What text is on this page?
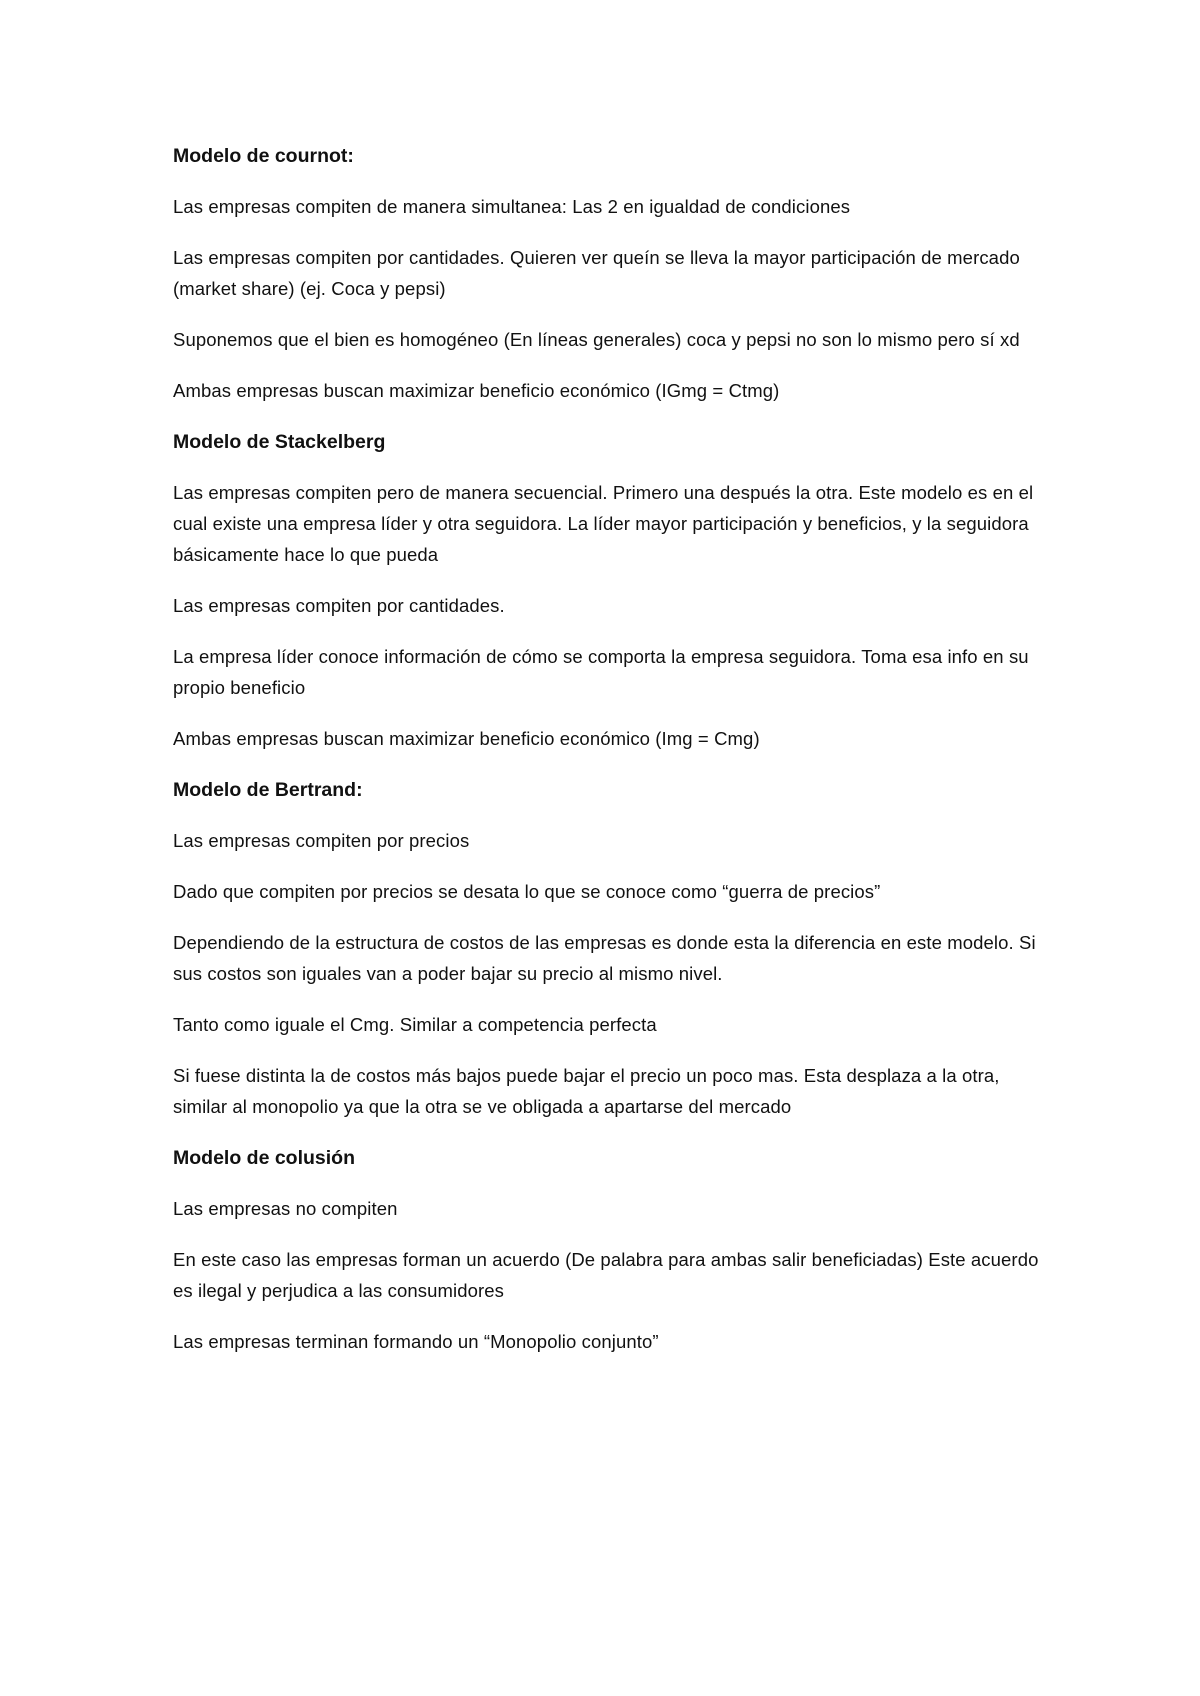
Modelo de cournot:

Las empresas compiten de manera simultanea: Las 2 en igualdad de condiciones

Las empresas compiten por cantidades. Quieren ver queín se lleva la mayor participación de mercado (market share) (ej. Coca y pepsi)

Suponemos que el bien es homogéneo (En líneas generales) coca y pepsi no son lo mismo pero sí xd

Ambas empresas buscan maximizar beneficio económico (IGmg = Ctmg)

Modelo de Stackelberg

Las empresas compiten pero de manera secuencial. Primero una después la otra. Este modelo es en el cual existe una empresa líder y otra seguidora. La líder mayor participación y beneficios, y la seguidora básicamente hace lo que pueda

Las empresas compiten por cantidades.

La empresa líder conoce información de cómo se comporta la empresa seguidora. Toma esa info en su propio beneficio

Ambas empresas buscan maximizar beneficio económico (Img = Cmg)

Modelo de Bertrand:

Las empresas compiten por precios

Dado que compiten por precios se desata lo que se conoce como “guerra de precios”

Dependiendo de la estructura de costos de las empresas es donde esta la diferencia en este modelo. Si sus costos son iguales van a poder bajar su precio al mismo nivel.

Tanto como iguale el Cmg. Similar a competencia perfecta

Si fuese distinta la de costos más bajos puede bajar el precio un poco mas. Esta desplaza a la otra, similar al monopolio ya que la otra se ve obligada a apartarse del mercado

Modelo de colusión

Las empresas no compiten

En este caso las empresas forman un acuerdo (De palabra para ambas salir beneficiadas) Este acuerdo es ilegal y perjudica a las consumidores

Las empresas terminan formando un “Monopolio conjunto”
